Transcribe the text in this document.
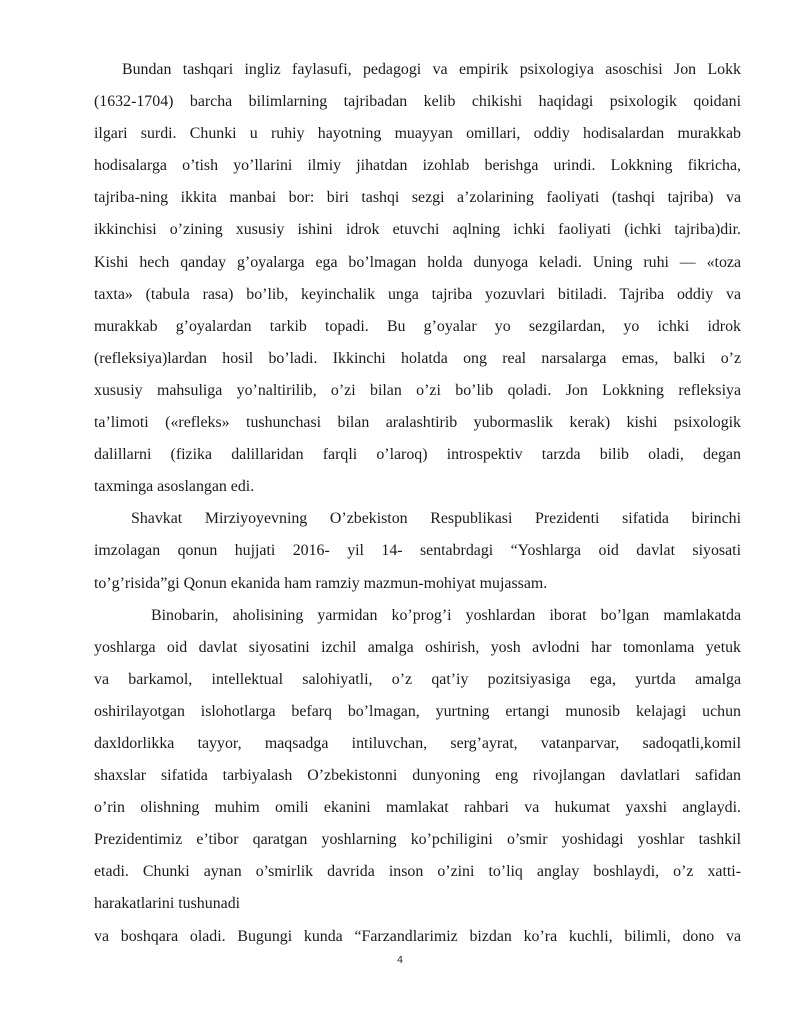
Bundan tashqari ingliz faylasufi, pedagogi va empirik psixologiya asoschisi Jon Lokk
(1632-1704) barcha bilimlarning tajribadan kelib chikishi haqidagi psixologik qoidani
ilgari surdi. Chunki u ruhiy hayotning muayyan omillari, oddiy hodisalardan murakkab
hodisalarga o’tish yo’llarini ilmiy jihatdan izohlab berishga urindi. Lokkning fikricha,
tajriba-ning ikkita manbai bor: biri tashqi sezgi a’zolarining faoliyati (tashqi tajriba) va
ikkinchisi o’zining xususiy ishini idrok etuvchi aqlning ichki faoliyati (ichki tajriba)dir.
Kishi hech qanday g’oyalarga ega bo’lmagan holda dunyoga keladi. Uning ruhi — «toza
taxta» (tabula rasa) bo’lib, keyinchalik unga tajriba yozuvlari bitiladi. Tajriba oddiy va
murakkab g’oyalardan tarkib topadi. Bu g’oyalar yo sezgilardan, yo ichki idrok
(refleksiya)lardan hosil bo’ladi. Ikkinchi holatda ong real narsalarga emas, balki o’z
xususiy mahsuliga yo’naltirilib, o’zi bilan o’zi bo’lib qoladi. Jon Lokkning refleksiya
ta’limoti («refleks» tushunchasi bilan aralashtirib yubormaslik kerak) kishi psixologik
dalillarni (fizika dalillaridan farqli o’laroq) introspektiv tarzda bilib oladi, degan
taxminga asoslangan edi.

Shavkat Mirziyoyevning O’zbekiston Respublikasi Prezidenti sifatida birinchi
imzolagan qonun hujjati 2016- yil 14- sentabrdagi “Yoshlarga oid davlat siyosati
to’g’risida”gi Qonun ekanida ham ramziy mazmun-mohiyat mujassam.

Binobarin, aholisining yarmidan ko’prog’i yoshlardan iborat bo’lgan mamlakatda
yoshlarga oid davlat siyosatini izchil amalga oshirish, yosh avlodni har tomonlama yetuk
va barkamol, intellektual salohiyatli, o’z qat’iy pozitsiyasiga ega, yurtda amalga
oshirilayotgan islohotlarga befarq bo’lmagan, yurtning ertangi munosib kelajagi uchun
daxldorlikka tayyor, maqsadga intiluvchan, serg’ayrat, vatanparvar, sadoqatli,komil
shaxslar sifatida tarbiyalash O’zbekistonni dunyoning eng rivojlangan davlatlari safidan
o’rin olishning muhim omili ekanini mamlakat rahbari va hukumat yaxshi anglaydi.
Prezidentimiz e’tibor qaratgan yoshlarning ko’pchiligini o’smir yoshidagi yoshlar tashkil
etadi. Chunki aynan o’smirlik davrida inson o’zini to’liq anglay boshlaydi, o’z xatti-
harakatlarini tushunadi

va boshqara oladi. Bugungi kunda “Farzandlarimiz bizdan ko’ra kuchli, bilimli, dono va

4
